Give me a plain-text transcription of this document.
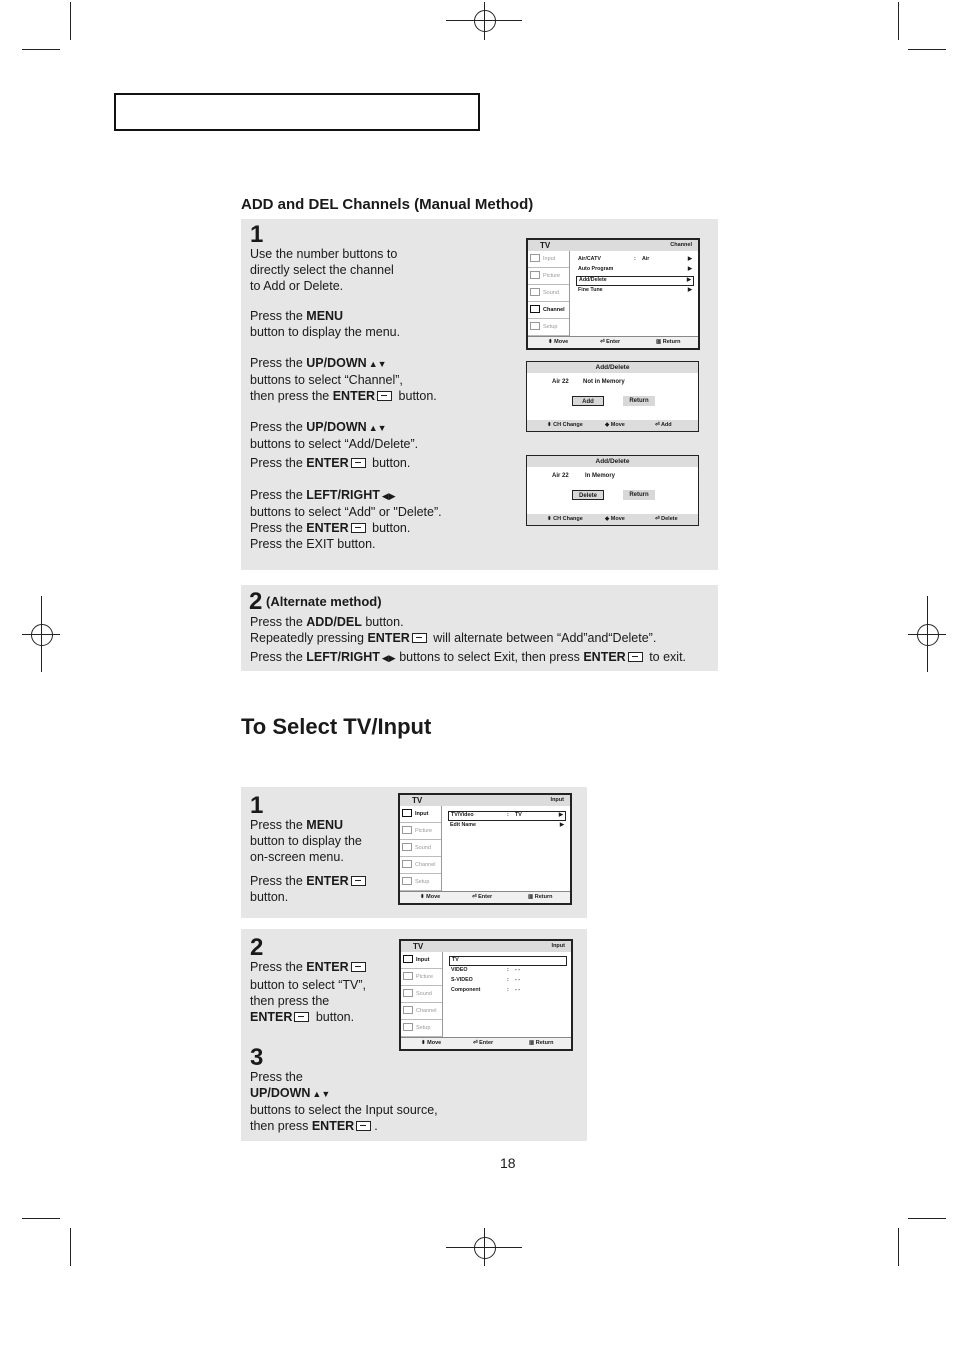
ADD and DEL Channels (Manual Method)
1
Use the number buttons to
directly select the channel
to Add or Delete.
Press the MENU
button to display the menu.
Press the UP/DOWN ▲▼
buttons to select “Channel”,
then press the ENTER button.
Press the UP/DOWN ▲▼
buttons to select “Add/Delete”.
Press the ENTER button.
Press the LEFT/RIGHT ◀▶
buttons to select “Add" or "Delete”.
Press the ENTER button.
Press the EXIT button.
TV	Channel
Input
Picture
Sound
Channel
Setup
Air/CATV	: Air	▶
Auto Program	▶
Add/Delete	▶
Fine Tune	▶
⬍ Move	⏎ Enter	▥ Return
Add/Delete
Air 22 Not in Memory
Add	Return
⬍ CH Change	◆ Move	⏎ Add
Add/Delete
Air 22	In Memory
Delete	Return
⬍ CH Change	◆ Move	⏎ Delete
2 (Alternate method)
Press the ADD/DEL button.
Repeatedly pressing ENTER will alternate between “Add”and“Delete”.
Press the LEFT/RIGHT ◀▶ buttons to select Exit, then press ENTER to exit.
To Select TV/Input
1
Press the MENU
button to display the
on-screen menu.
Press the ENTER
button.
TV	Input
Input
Picture
Sound
Channel
Setup
TV/Video	: TV	▶
Edit Name	▶
⬍ Move	⏎ Enter	▥ Return
2
Press the ENTER
button to select “TV”,
then press the
ENTER button.
3
Press the
UP/DOWN ▲▼
buttons to select the Input source,
then press ENTER .
TV	Input
Input
Picture
Sound
Channel
Setup
TV
VIDEO	: - -
S-VIDEO	: - -
Component	: - -
⬍ Move	⏎ Enter	▥ Return
18
